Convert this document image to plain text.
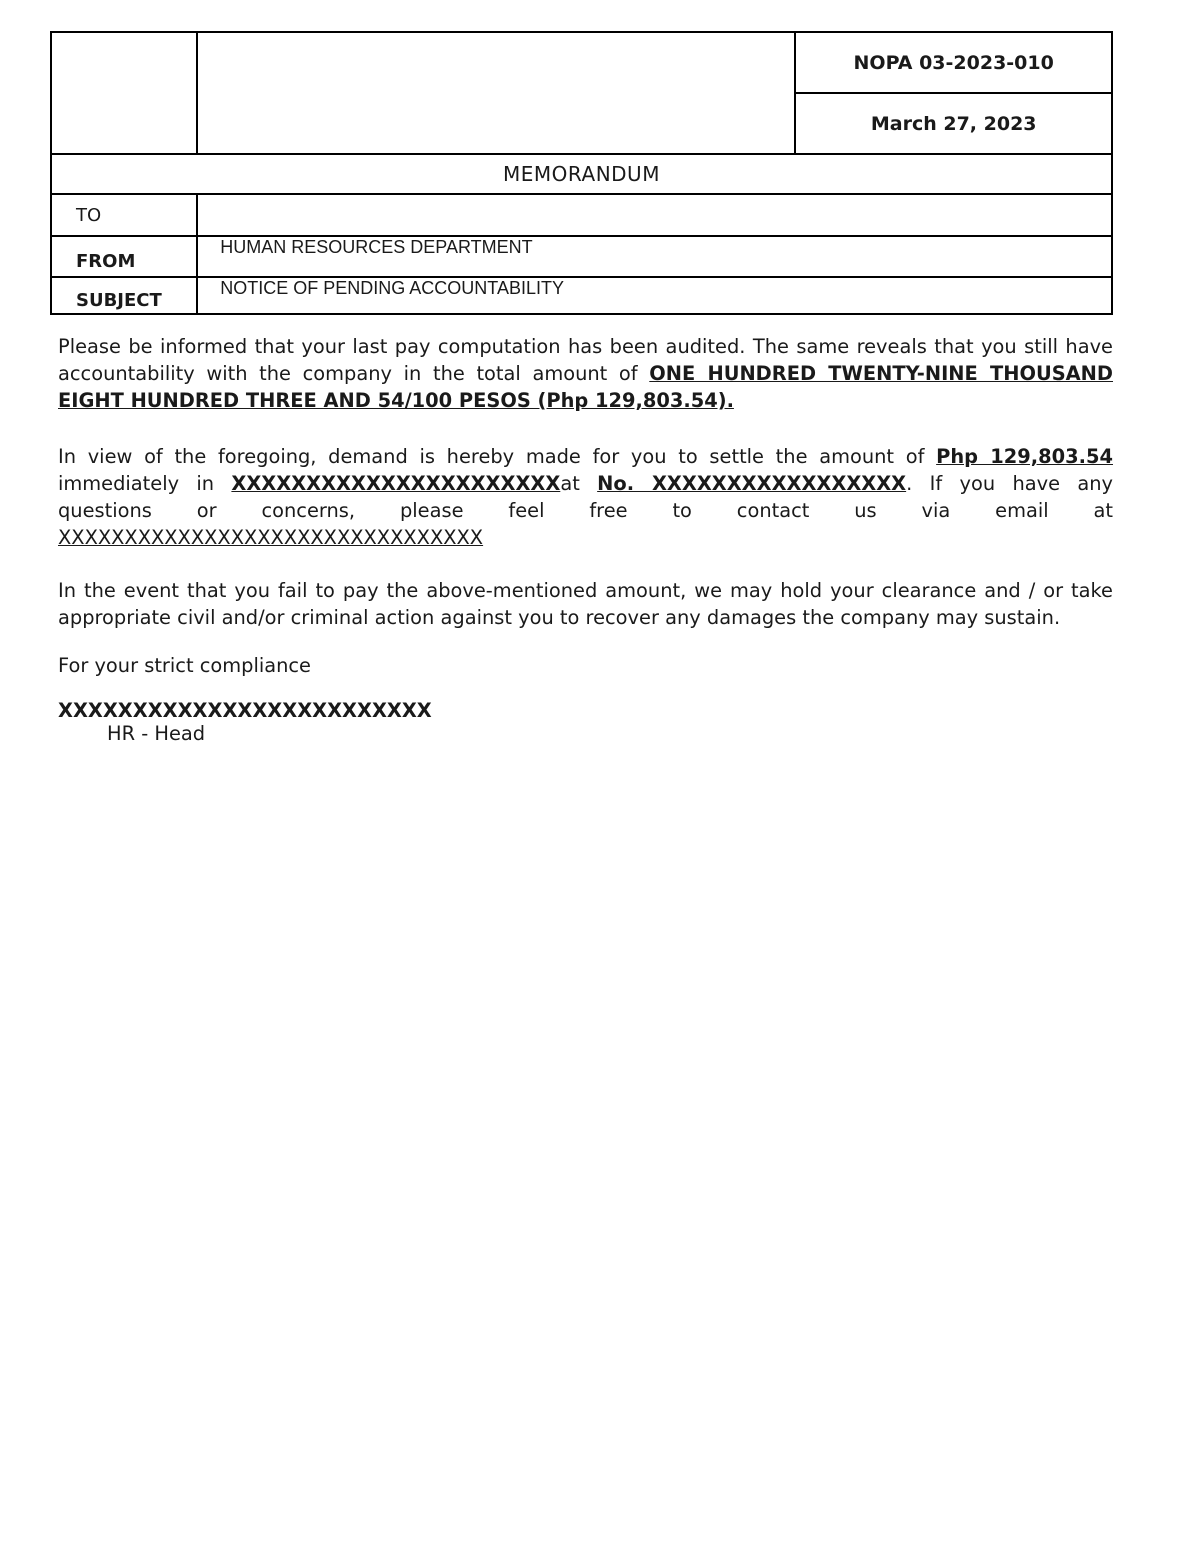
		NOPA 03-2023-010
		March 27, 2023
MEMORANDUM		
TO		
FROM	HUMAN RESOURCES DEPARTMENT	
SUBJECT	NOTICE OF PENDING ACCOUNTABILITY	
Please be informed that your last pay computation has been audited. The same reveals that you still have accountability with the company in the total amount of ONE HUNDRED TWENTY-NINE THOUSAND EIGHT HUNDRED THREE AND 54/100 PESOS (Php 129,803.54).
In view of the foregoing, demand is hereby made for you to settle the amount of Php 129,803.54 immediately in XXXXXXXXXXXXXXXXXXXXXXat No. XXXXXXXXXXXXXXXXX. If you have any questions or concerns, please feel free to contact us via email at XXXXXXXXXXXXXXXXXXXXXXXXXXXXXXXX
In the event that you fail to pay the above-mentioned amount, we may hold your clearance and / or take appropriate civil and/or criminal action against you to recover any damages the company may sustain.
For your strict compliance
XXXXXXXXXXXXXXXXXXXXXXXXX
HR - Head
